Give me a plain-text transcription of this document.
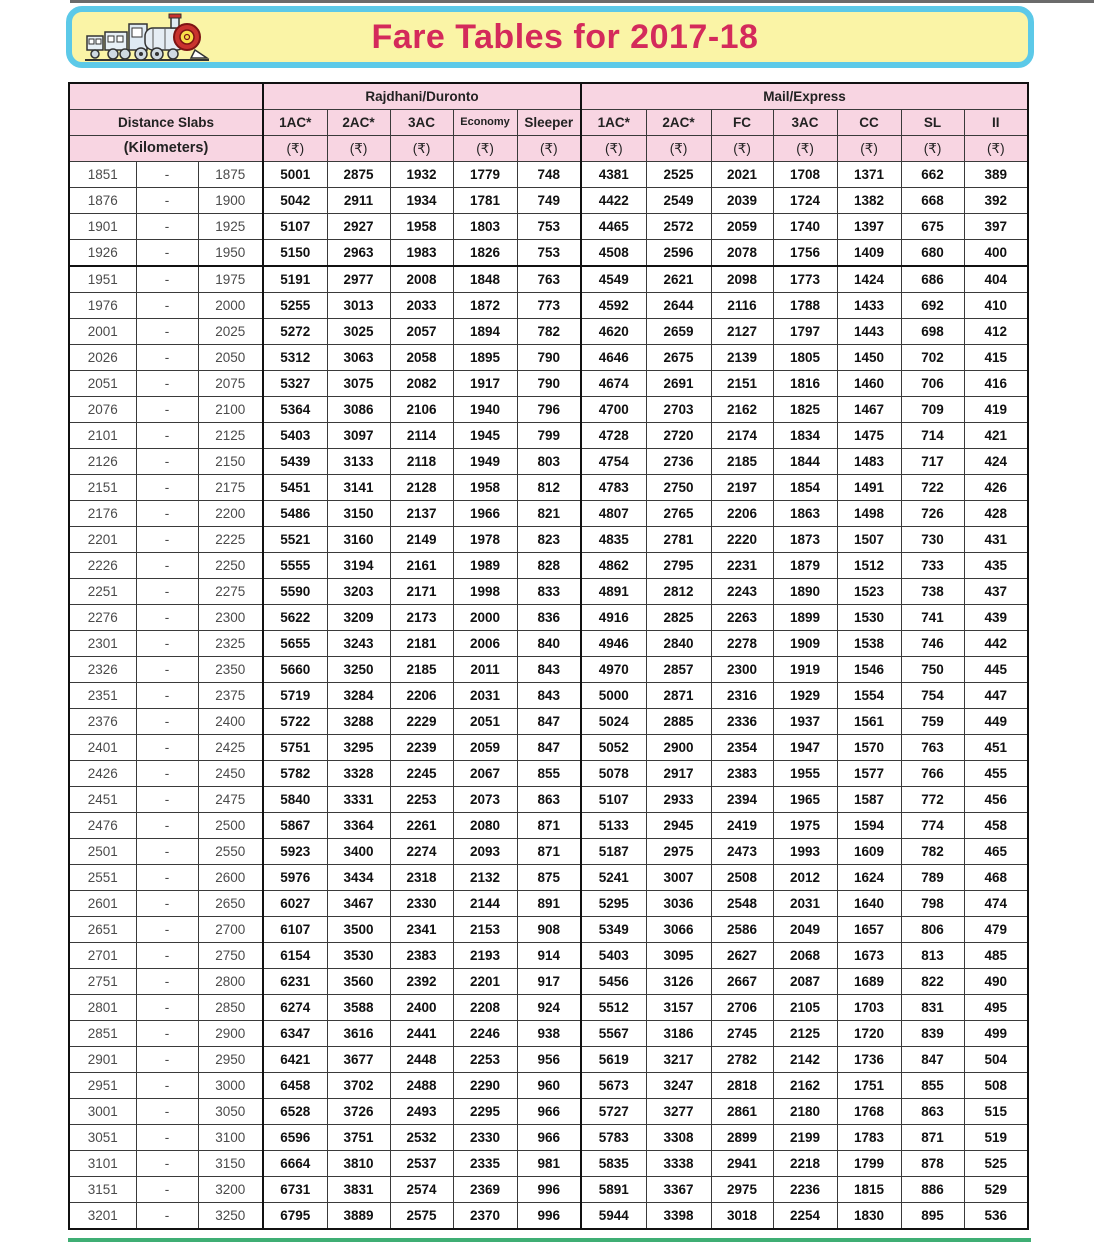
Fare Tables for 2017-18
			Rajdhani/Duronto					Mail/Express						
Distance Slabs			1AC*	2AC*	3AC	Economy	Sleeper	1AC*	2AC*	FC	3AC	CC	SL	II
(Kilometers)			(₹)	(₹)	(₹)	(₹)	(₹)	(₹)	(₹)	(₹)	(₹)	(₹)	(₹)	(₹)
1851	-	1875	5001	2875	1932	1779	748	4381	2525	2021	1708	1371	662	389
1876	-	1900	5042	2911	1934	1781	749	4422	2549	2039	1724	1382	668	392
1901	-	1925	5107	2927	1958	1803	753	4465	2572	2059	1740	1397	675	397
1926	-	1950	5150	2963	1983	1826	753	4508	2596	2078	1756	1409	680	400
1951	-	1975	5191	2977	2008	1848	763	4549	2621	2098	1773	1424	686	404
1976	-	2000	5255	3013	2033	1872	773	4592	2644	2116	1788	1433	692	410
2001	-	2025	5272	3025	2057	1894	782	4620	2659	2127	1797	1443	698	412
2026	-	2050	5312	3063	2058	1895	790	4646	2675	2139	1805	1450	702	415
2051	-	2075	5327	3075	2082	1917	790	4674	2691	2151	1816	1460	706	416
2076	-	2100	5364	3086	2106	1940	796	4700	2703	2162	1825	1467	709	419
2101	-	2125	5403	3097	2114	1945	799	4728	2720	2174	1834	1475	714	421
2126	-	2150	5439	3133	2118	1949	803	4754	2736	2185	1844	1483	717	424
2151	-	2175	5451	3141	2128	1958	812	4783	2750	2197	1854	1491	722	426
2176	-	2200	5486	3150	2137	1966	821	4807	2765	2206	1863	1498	726	428
2201	-	2225	5521	3160	2149	1978	823	4835	2781	2220	1873	1507	730	431
2226	-	2250	5555	3194	2161	1989	828	4862	2795	2231	1879	1512	733	435
2251	-	2275	5590	3203	2171	1998	833	4891	2812	2243	1890	1523	738	437
2276	-	2300	5622	3209	2173	2000	836	4916	2825	2263	1899	1530	741	439
2301	-	2325	5655	3243	2181	2006	840	4946	2840	2278	1909	1538	746	442
2326	-	2350	5660	3250	2185	2011	843	4970	2857	2300	1919	1546	750	445
2351	-	2375	5719	3284	2206	2031	843	5000	2871	2316	1929	1554	754	447
2376	-	2400	5722	3288	2229	2051	847	5024	2885	2336	1937	1561	759	449
2401	-	2425	5751	3295	2239	2059	847	5052	2900	2354	1947	1570	763	451
2426	-	2450	5782	3328	2245	2067	855	5078	2917	2383	1955	1577	766	455
2451	-	2475	5840	3331	2253	2073	863	5107	2933	2394	1965	1587	772	456
2476	-	2500	5867	3364	2261	2080	871	5133	2945	2419	1975	1594	774	458
2501	-	2550	5923	3400	2274	2093	871	5187	2975	2473	1993	1609	782	465
2551	-	2600	5976	3434	2318	2132	875	5241	3007	2508	2012	1624	789	468
2601	-	2650	6027	3467	2330	2144	891	5295	3036	2548	2031	1640	798	474
2651	-	2700	6107	3500	2341	2153	908	5349	3066	2586	2049	1657	806	479
2701	-	2750	6154	3530	2383	2193	914	5403	3095	2627	2068	1673	813	485
2751	-	2800	6231	3560	2392	2201	917	5456	3126	2667	2087	1689	822	490
2801	-	2850	6274	3588	2400	2208	924	5512	3157	2706	2105	1703	831	495
2851	-	2900	6347	3616	2441	2246	938	5567	3186	2745	2125	1720	839	499
2901	-	2950	6421	3677	2448	2253	956	5619	3217	2782	2142	1736	847	504
2951	-	3000	6458	3702	2488	2290	960	5673	3247	2818	2162	1751	855	508
3001	-	3050	6528	3726	2493	2295	966	5727	3277	2861	2180	1768	863	515
3051	-	3100	6596	3751	2532	2330	966	5783	3308	2899	2199	1783	871	519
3101	-	3150	6664	3810	2537	2335	981	5835	3338	2941	2218	1799	878	525
3151	-	3200	6731	3831	2574	2369	996	5891	3367	2975	2236	1815	886	529
3201	-	3250	6795	3889	2575	2370	996	5944	3398	3018	2254	1830	895	536
